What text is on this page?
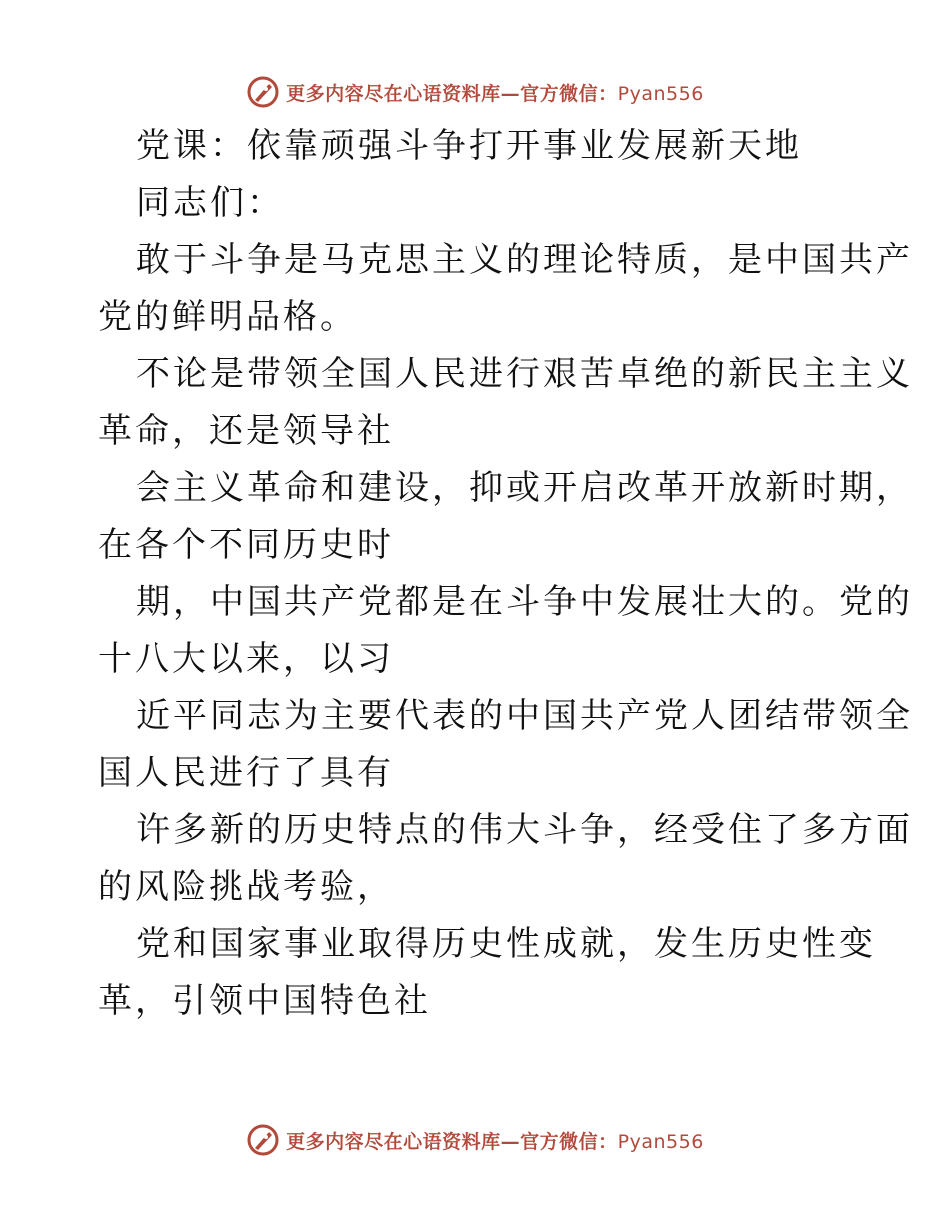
更多内容尽在心语资料库—官方微信：Pyan556
党课：依靠顽强斗争打开事业发展新天地
同志们：
敢于斗争是马克思主义的理论特质，是中国共产
党的鲜明品格。
不论是带领全国人民进行艰苦卓绝的新民主主义
革命，还是领导社
会主义革命和建设，抑或开启改革开放新时期，
在各个不同历史时
期，中国共产党都是在斗争中发展壮大的。党的
十八大以来，以习
近平同志为主要代表的中国共产党人团结带领全
国人民进行了具有
许多新的历史特点的伟大斗争，经受住了多方面
的风险挑战考验，
党和国家事业取得历史性成就，发生历史性变
革，引领中国特色社
更多内容尽在心语资料库—官方微信：Pyan556
